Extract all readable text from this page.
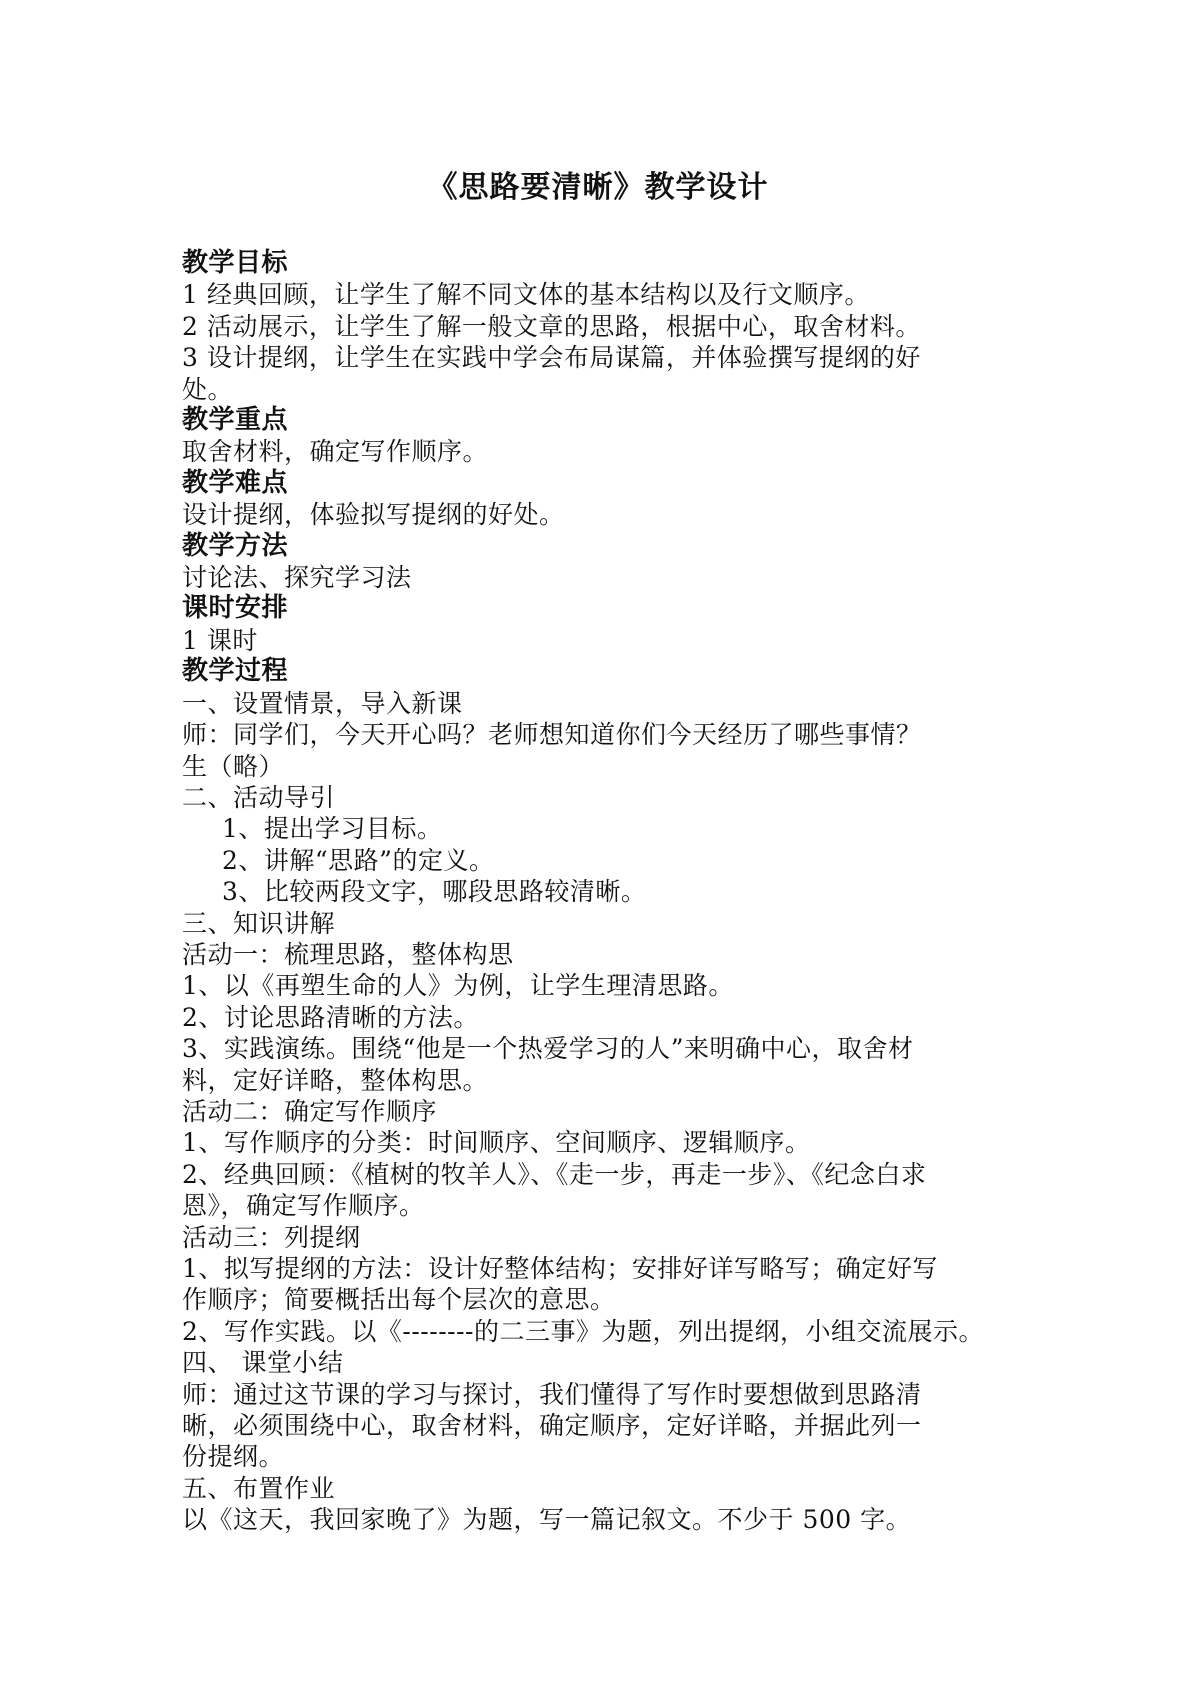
《思路要清晰》教学设计
教学目标
1 经典回顾，让学生了解不同文体的基本结构以及行文顺序。
2 活动展示，让学生了解一般文章的思路，根据中心，取舍材料。
3 设计提纲，让学生在实践中学会布局谋篇，并体验撰写提纲的好
处。
教学重点
取舍材料，确定写作顺序。
教学难点
设计提纲，体验拟写提纲的好处。
教学方法
讨论法、探究学习法
课时安排
1 课时
教学过程
一、设置情景，导入新课
师：同学们，今天开心吗？老师想知道你们今天经历了哪些事情？
生（略）
二、活动导引
1、提出学习目标。
2、讲解“思路”的定义。
3、比较两段文字，哪段思路较清晰。
三、知识讲解
活动一：梳理思路，整体构思
1、以《再塑生命的人》为例，让学生理清思路。
2、讨论思路清晰的方法。
3、实践演练。围绕“他是一个热爱学习的人”来明确中心，取舍材
料，定好详略，整体构思。
活动二：确定写作顺序
1、写作顺序的分类：时间顺序、空间顺序、逻辑顺序。
2、经典回顾：《植树的牧羊人》、《走一步，再走一步》、《纪念白求
恩》，确定写作顺序。
活动三：列提纲
1、拟写提纲的方法：设计好整体结构；安排好详写略写；确定好写
作顺序；简要概括出每个层次的意思。
2、写作实践。以《--------的二三事》为题，列出提纲，小组交流展示。
四、 课堂小结
师：通过这节课的学习与探讨，我们懂得了写作时要想做到思路清
晰，必须围绕中心，取舍材料，确定顺序，定好详略，并据此列一
份提纲。
五、布置作业
以《这天，我回家晚了》为题，写一篇记叙文。不少于 500 字。
